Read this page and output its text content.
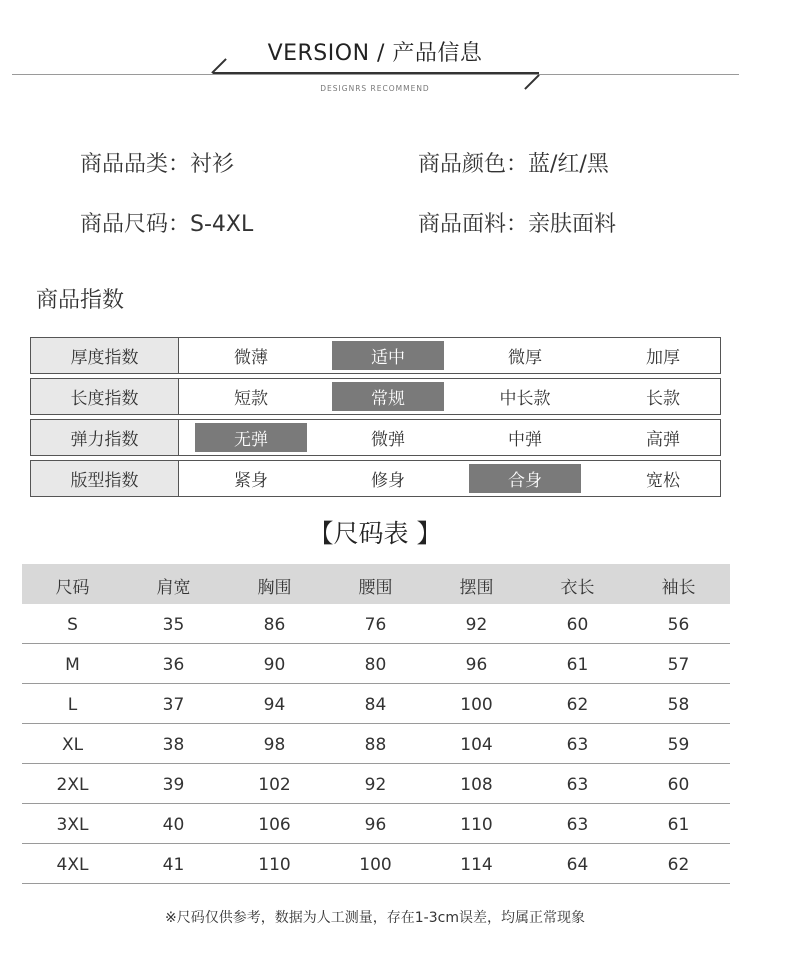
VERSION / 产品信息
DESIGNRS RECOMMEND
商品品类：衬衫	商品颜色：蓝/红/黑
商品尺码：S-4XL	商品面料：亲肤面料
商品指数
厚度指数	微薄	适中	微厚	加厚
长度指数	短款	常规	中长款	长款
弹力指数	无弹	微弹	中弹	高弹
版型指数	紧身	修身	合身	宽松
【尺码表 】
尺码	肩宽	胸围	腰围	摆围	衣长	袖长
S	35	86	76	92	60	56
M	36	90	80	96	61	57
L	37	94	84	100	62	58
XL	38	98	88	104	63	59
2XL	39	102	92	108	63	60
3XL	40	106	96	110	63	61
4XL	41	110	100	114	64	62
※尺码仅供参考，数据为人工测量，存在1-3cm误差，均属正常现象
